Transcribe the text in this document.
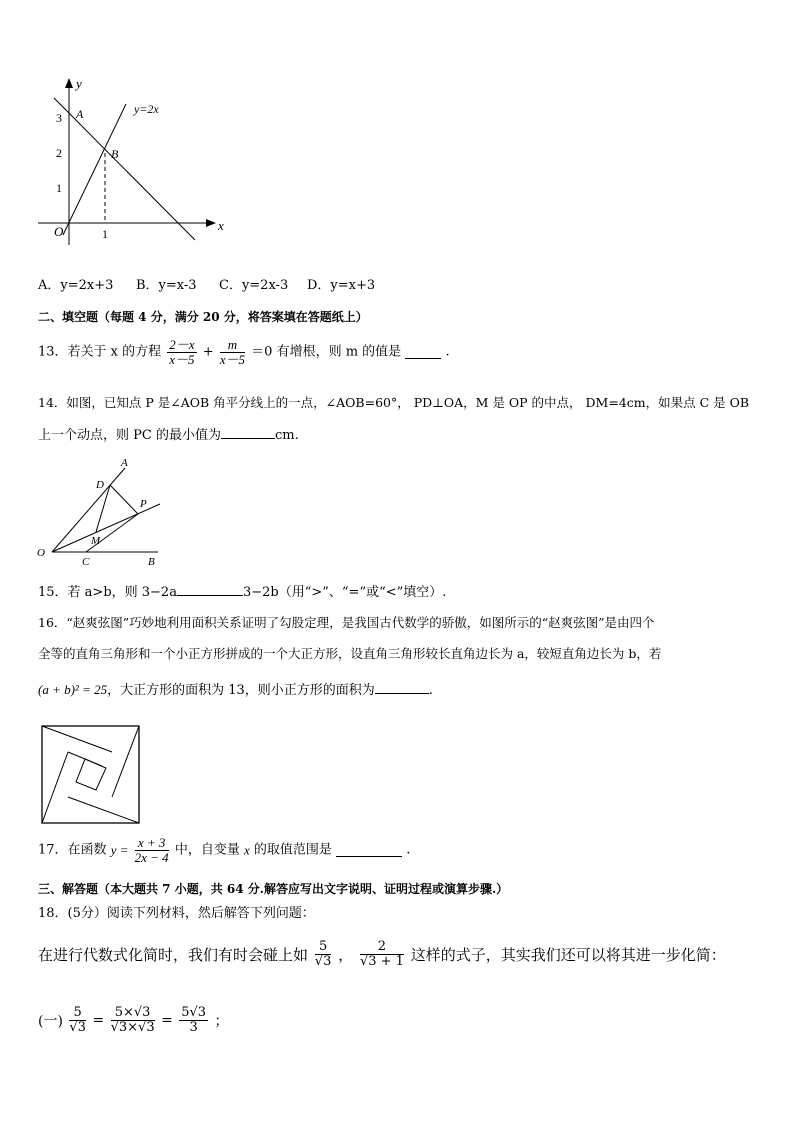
y
x
O	1
1
2
3 A
B
y=2x
A．y=2x+3 B．y=x-3 C．y=2x-3 D．y=x+3
二、填空题（每题 4 分，满分 20 分，将答案填在答题纸上）
13．若关于 x 的方程 $\frac{2-x}{x-5} + \frac{m}{x-5} =0$ 有增根，则 m 的值是	.
14．如图，已知点 P 是∠AOB 角平分线上的一点，∠AOB=60°， PD⊥OA，M 是 OP 的中点， DM=4cm，如果点 C 是 OB
上一个动点，则 PC 的最小值为	cm.
A
D
P
M
O
C	B
15．若 a>b，则 3−2a	3−2b（用“>”、“=”或“<”填空）.
16．“赵爽弦图”巧妙地利用面积关系证明了勾股定理，是我国古代数学的骄傲，如图所示的“赵爽弦图”是由四个
全等的直角三角形和一个小正方形拼成的一个大正方形，设直角三角形较长直角边长为 a，较短直角边长为 b，若
(a + b)² = 25，大正方形的面积为 13，则小正方形的面积为	.
17．在函数 $y = \frac{x + 3}{2x - 4}$ 中，自变量 x 的取值范围是	.
三、解答题（本大题共 7 小题，共 64 分.解答应写出文字说明、证明过程或演算步骤.）
18．(5分）阅读下列材料，然后解答下列问题：
在进行代数式化简时，我们有时会碰上如 $\frac{5}{√3}$ ， $\frac{2}{√3 + 1}$ 这样的式子，其实我们还可以将其进一步化简：
(一) $\frac{5}{√3} = \frac{5\times√3}{√3\times√3} = \frac{5√3}{3}$ ；
